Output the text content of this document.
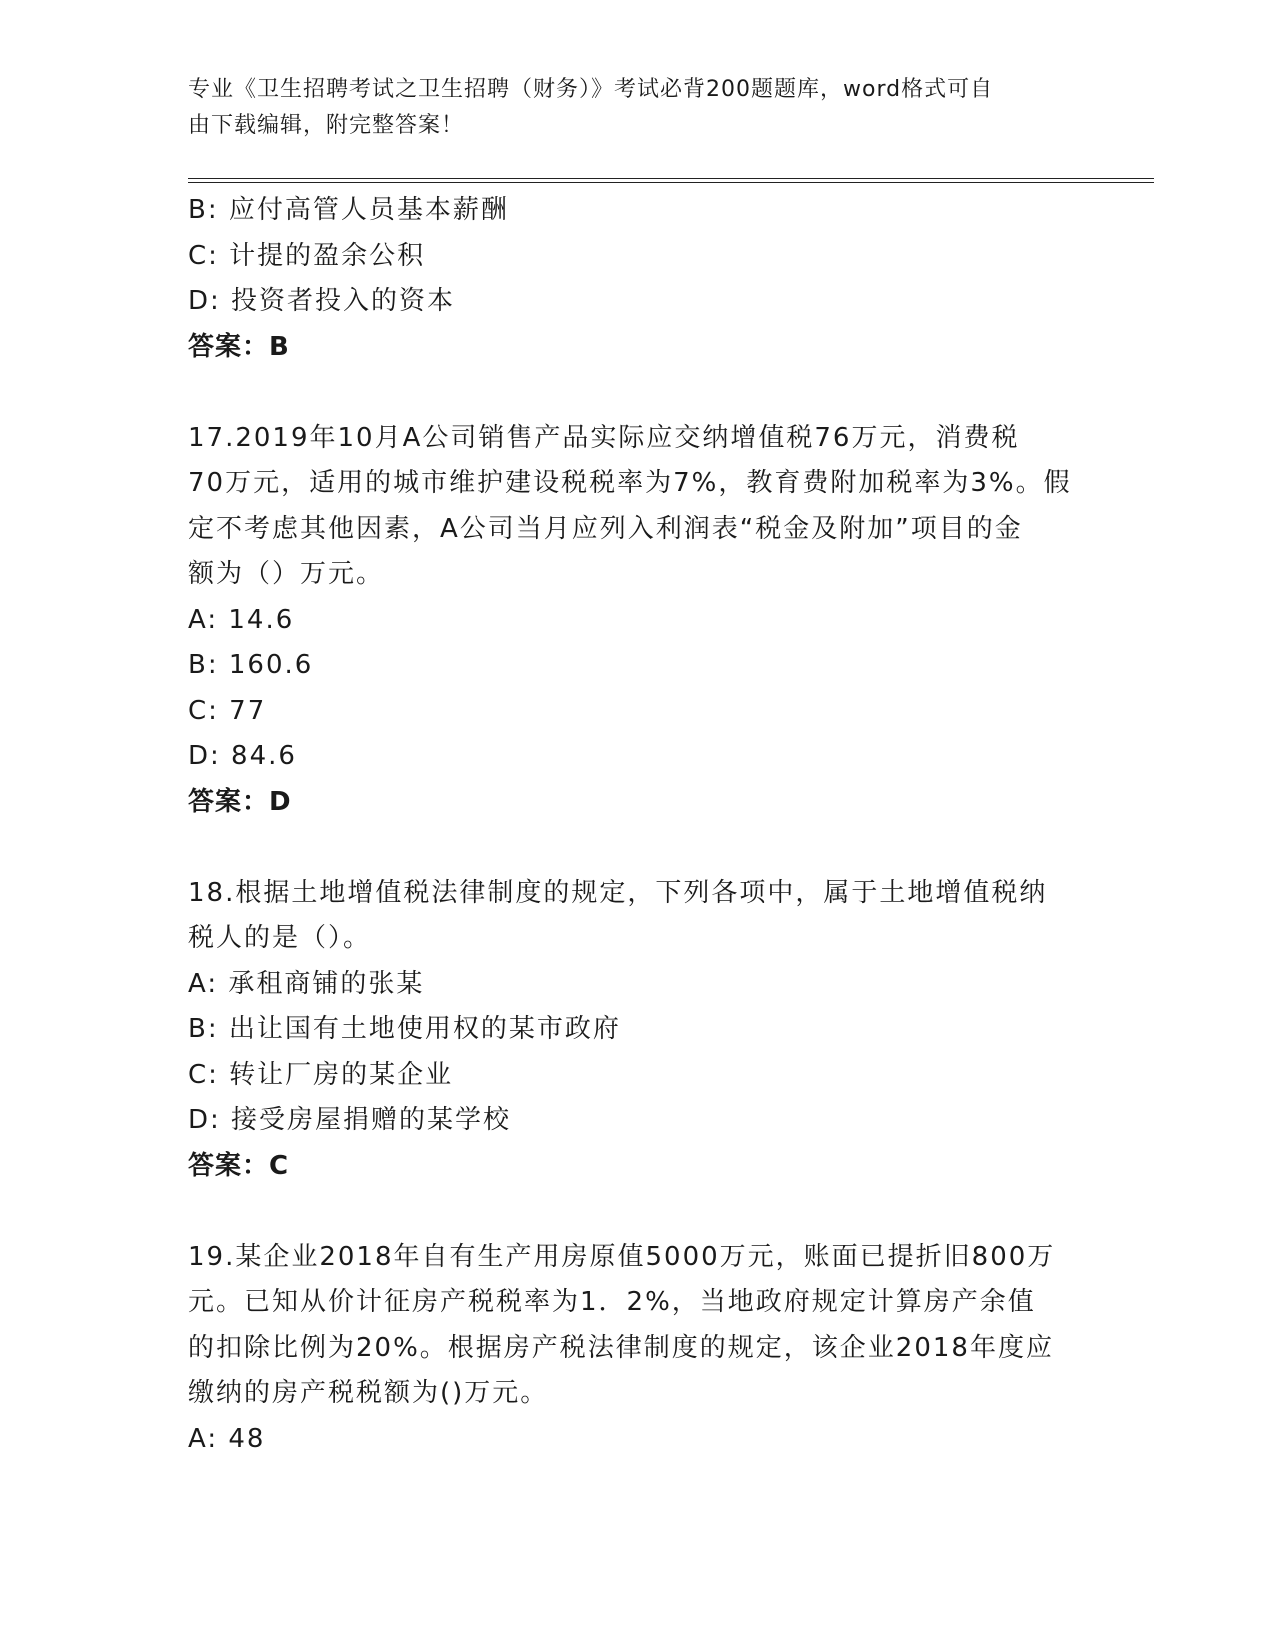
专业《卫生招聘考试之卫生招聘（财务）》考试必背200题题库，word格式可自
由下载编辑，附完整答案！
B: 应付高管人员基本薪酬
C: 计提的盈余公积
D: 投资者投入的资本
答案：B
17.2019年10月A公司销售产品实际应交纳增值税76万元，消费税
70万元，适用的城市维护建设税税率为7%，教育费附加税率为3%。假
定不考虑其他因素，A公司当月应列入利润表“税金及附加”项目的金
额为（）万元。
A: 14.6
B: 160.6
C: 77
D: 84.6
答案：D
18.根据土地增值税法律制度的规定，下列各项中，属于土地增值税纳
税人的是（）。
A: 承租商铺的张某
B: 出让国有土地使用权的某市政府
C: 转让厂房的某企业
D: 接受房屋捐赠的某学校
答案：C
19.某企业2018年自有生产用房原值5000万元，账面已提折旧800万
元。已知从价计征房产税税率为1．2%，当地政府规定计算房产余值
的扣除比例为20%。根据房产税法律制度的规定，该企业2018年度应
缴纳的房产税税额为()万元。
A: 48
